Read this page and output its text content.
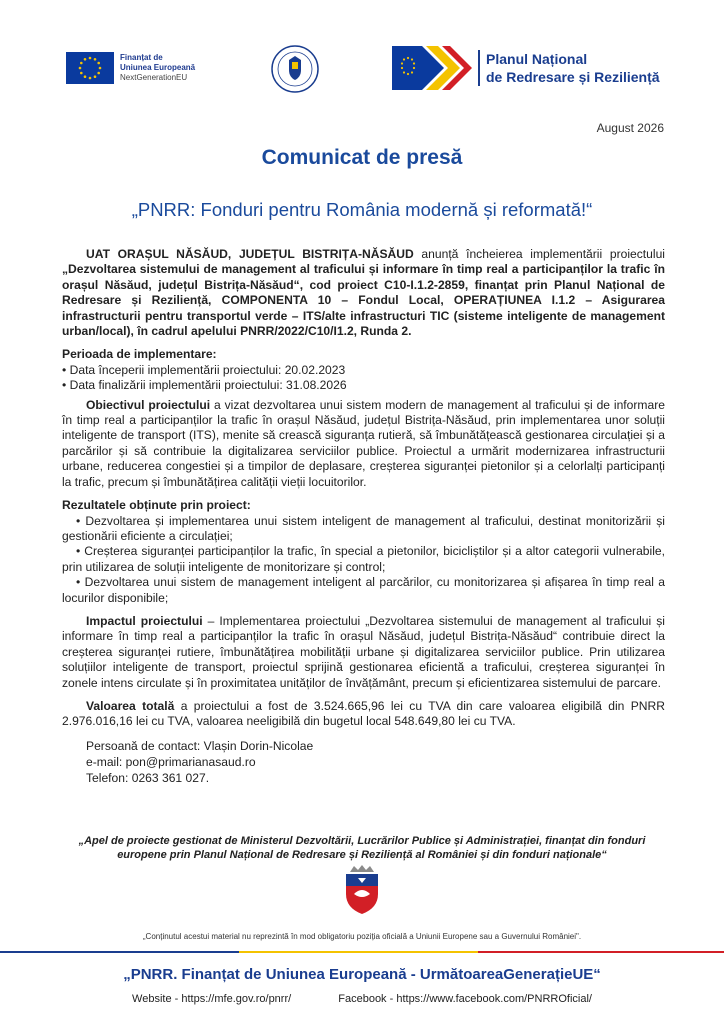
Finanțat de
Uniunea Europeană
NextGenerationEU
Planul Național
de Redresare și Reziliență
August 2026
Comunicat de presă
„PNRR: Fonduri pentru România modernă și reformată!“

UAT ORAȘUL NĂSĂUD, JUDEȚUL BISTRIȚA-NĂSĂUD anunță încheierea implementării proiectului „Dezvoltarea sistemului de management al traficului și informare în timp real a participanților la trafic în orașul Năsăud, județul Bistrița-Năsăud“, cod proiect C10-I.1.2-2859, finanțat prin Planul Național de Redresare și Reziliență, COMPONENTA 10 – Fondul Local, OPERAȚIUNEA I.1.2 – Asigurarea infrastructurii pentru transportul verde – ITS/alte infrastructuri TIC (sisteme inteligente de management urban/local), în cadrul apelului PNRR/2022/C10/I1.2, Runda 2.

Perioada de implementare:

• Data începerii implementării proiectului: 20.02.2023

• Data finalizării implementării proiectului: 31.08.2026

Obiectivul proiectului a vizat dezvoltarea unui sistem modern de management al traficului și de informare în timp real a participanților la trafic în orașul Năsăud, județul Bistrița-Năsăud, prin implementarea unor soluții inteligente de transport (ITS), menite să crească siguranța rutieră, să îmbunătățească gestionarea circulației și a parcărilor și să contribuie la digitalizarea serviciilor publice. Proiectul a urmărit modernizarea infrastructurii urbane, reducerea congestiei și a timpilor de deplasare, creșterea siguranței pietonilor și a celorlalți participanți la trafic, precum și îmbunătățirea calității vieții locuitorilor.

Rezultatele obținute prin proiect:

• Dezvoltarea și implementarea unui sistem inteligent de management al traficului, destinat monitorizării și gestionării eficiente a circulației;

• Creșterea siguranței participanților la trafic, în special a pietonilor, bicicliștilor și a altor categorii vulnerabile, prin utilizarea de soluții inteligente de monitorizare și control;

• Dezvoltarea unui sistem de management inteligent al parcărilor, cu monitorizarea și afișarea în timp real a locurilor disponibile;

Impactul proiectului – Implementarea proiectului „Dezvoltarea sistemului de management al traficului și informare în timp real a participanților la trafic în orașul Năsăud, județul Bistrița-Năsăud“ contribuie direct la creșterea siguranței rutiere, îmbunătățirea mobilității urbane și digitalizarea serviciilor publice. Prin utilizarea soluțiilor inteligente de transport, proiectul sprijină gestionarea eficientă a traficului, creșterea siguranței în zonele intens circulate și în proximitatea unităților de învățământ, precum și eficientizarea sistemului de parcare.

Valoarea totală a proiectului a fost de 3.524.665,96 lei cu TVA din care valoarea eligibilă din PNRR 2.976.016,16 lei cu TVA, valoarea neeligibilă din bugetul local 548.649,80 lei cu TVA.

Persoană de contact: Vlașin Dorin-Nicolae
e-mail: pon@primarianasaud.ro
Telefon: 0263 361 027.
„Apel de proiecte gestionat de Ministerul Dezvoltării, Lucrărilor Publice și Administrației, finanțat din fonduri europene prin Planul Național de Redresare și Reziliență al României și din fonduri naționale“
„Conținutul acestui material nu reprezintă în mod obligatoriu poziția oficială a Uniunii Europene sau a Guvernului României".
„PNRR. Finanțat de Uniunea Europeană - UrmătoareaGenerațieUE“
Website - https://mfe.gov.ro/pnrr/	Facebook - https://www.facebook.com/PNRROficial/
